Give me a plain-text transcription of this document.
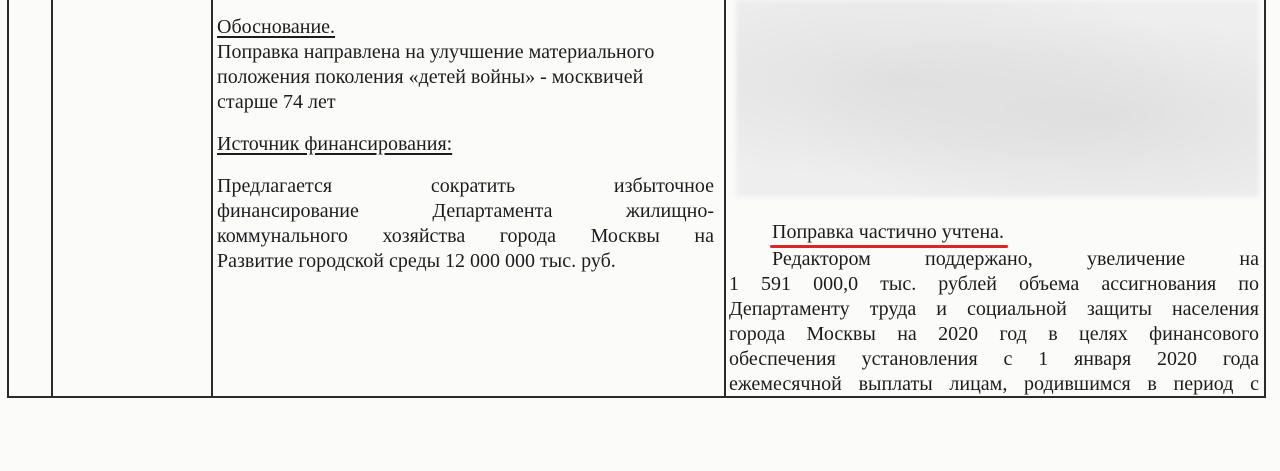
Обоснование.
Поправка направлена на улучшение материального
положения поколения «детей войны» - москвичей
старше 74 лет
Источник финансирования:
Предлагается сократить избыточное
финансирование Департамента жилищно-
коммунального хозяйства города Москвы на
Развитие городской среды 12 000 000 тыс. руб.
Поправка частично учтена.
Редактором поддержано, увеличение на
1 591 000,0 тыс. рублей объема ассигнования по
Департаменту труда и социальной защиты населения
города Москвы на 2020 год в целях финансового
обеспечения установления с 1 января 2020 года
ежемесячной выплаты лицам, родившимся в период с
